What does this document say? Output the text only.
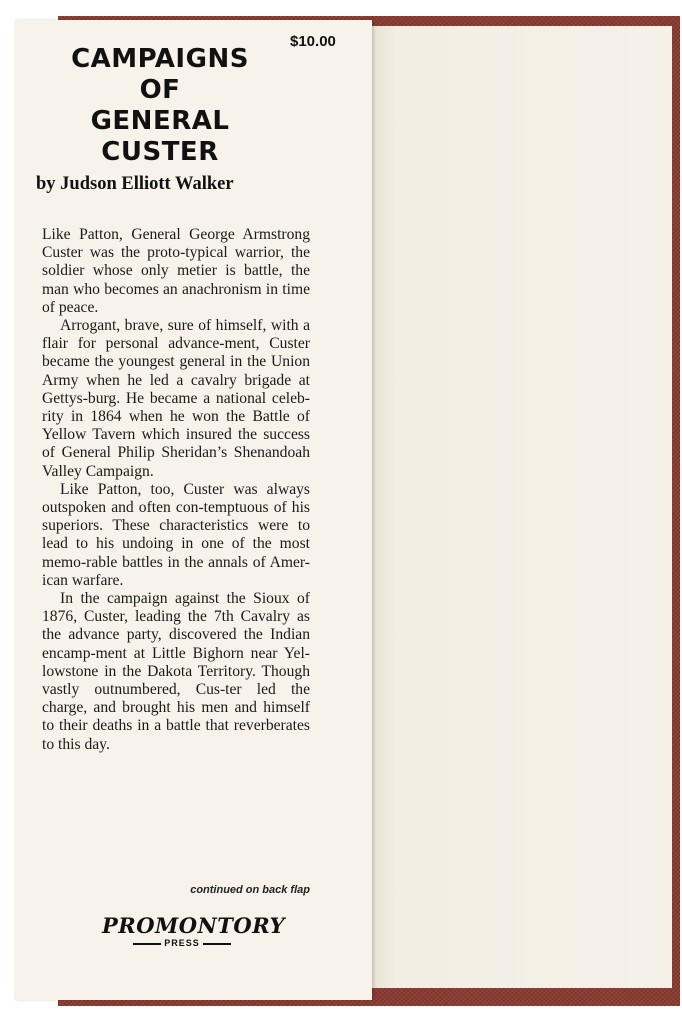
$10.00
CAMPAIGNS
OF
GENERAL
CUSTER
by Judson Elliott Walker

Like Patton, General George Armstrong Custer was the proto-typical warrior, the soldier whose only metier is battle, the man who becomes an anachronism in time of peace.

Arrogant, brave, sure of himself, with a flair for personal advance-ment, Custer became the youngest general in the Union Army when he led a cavalry brigade at Gettys-burg. He became a national celeb-rity in 1864 when he won the Battle of Yellow Tavern which insured the success of General Philip Sheridan’s Shenandoah Valley Campaign.

Like Patton, too, Custer was always outspoken and often con-temptuous of his superiors. These characteristics were to lead to his undoing in one of the most memo-rable battles in the annals of Amer-ican warfare.

In the campaign against the Sioux of 1876, Custer, leading the 7th Cavalry as the advance party, discovered the Indian encamp-ment at Little Bighorn near Yel-lowstone in the Dakota Territory. Though vastly outnumbered, Cus-ter led the charge, and brought his men and himself to their deaths in a battle that reverberates to this day.

continued on back flap
PROMONTORY
PRESS
